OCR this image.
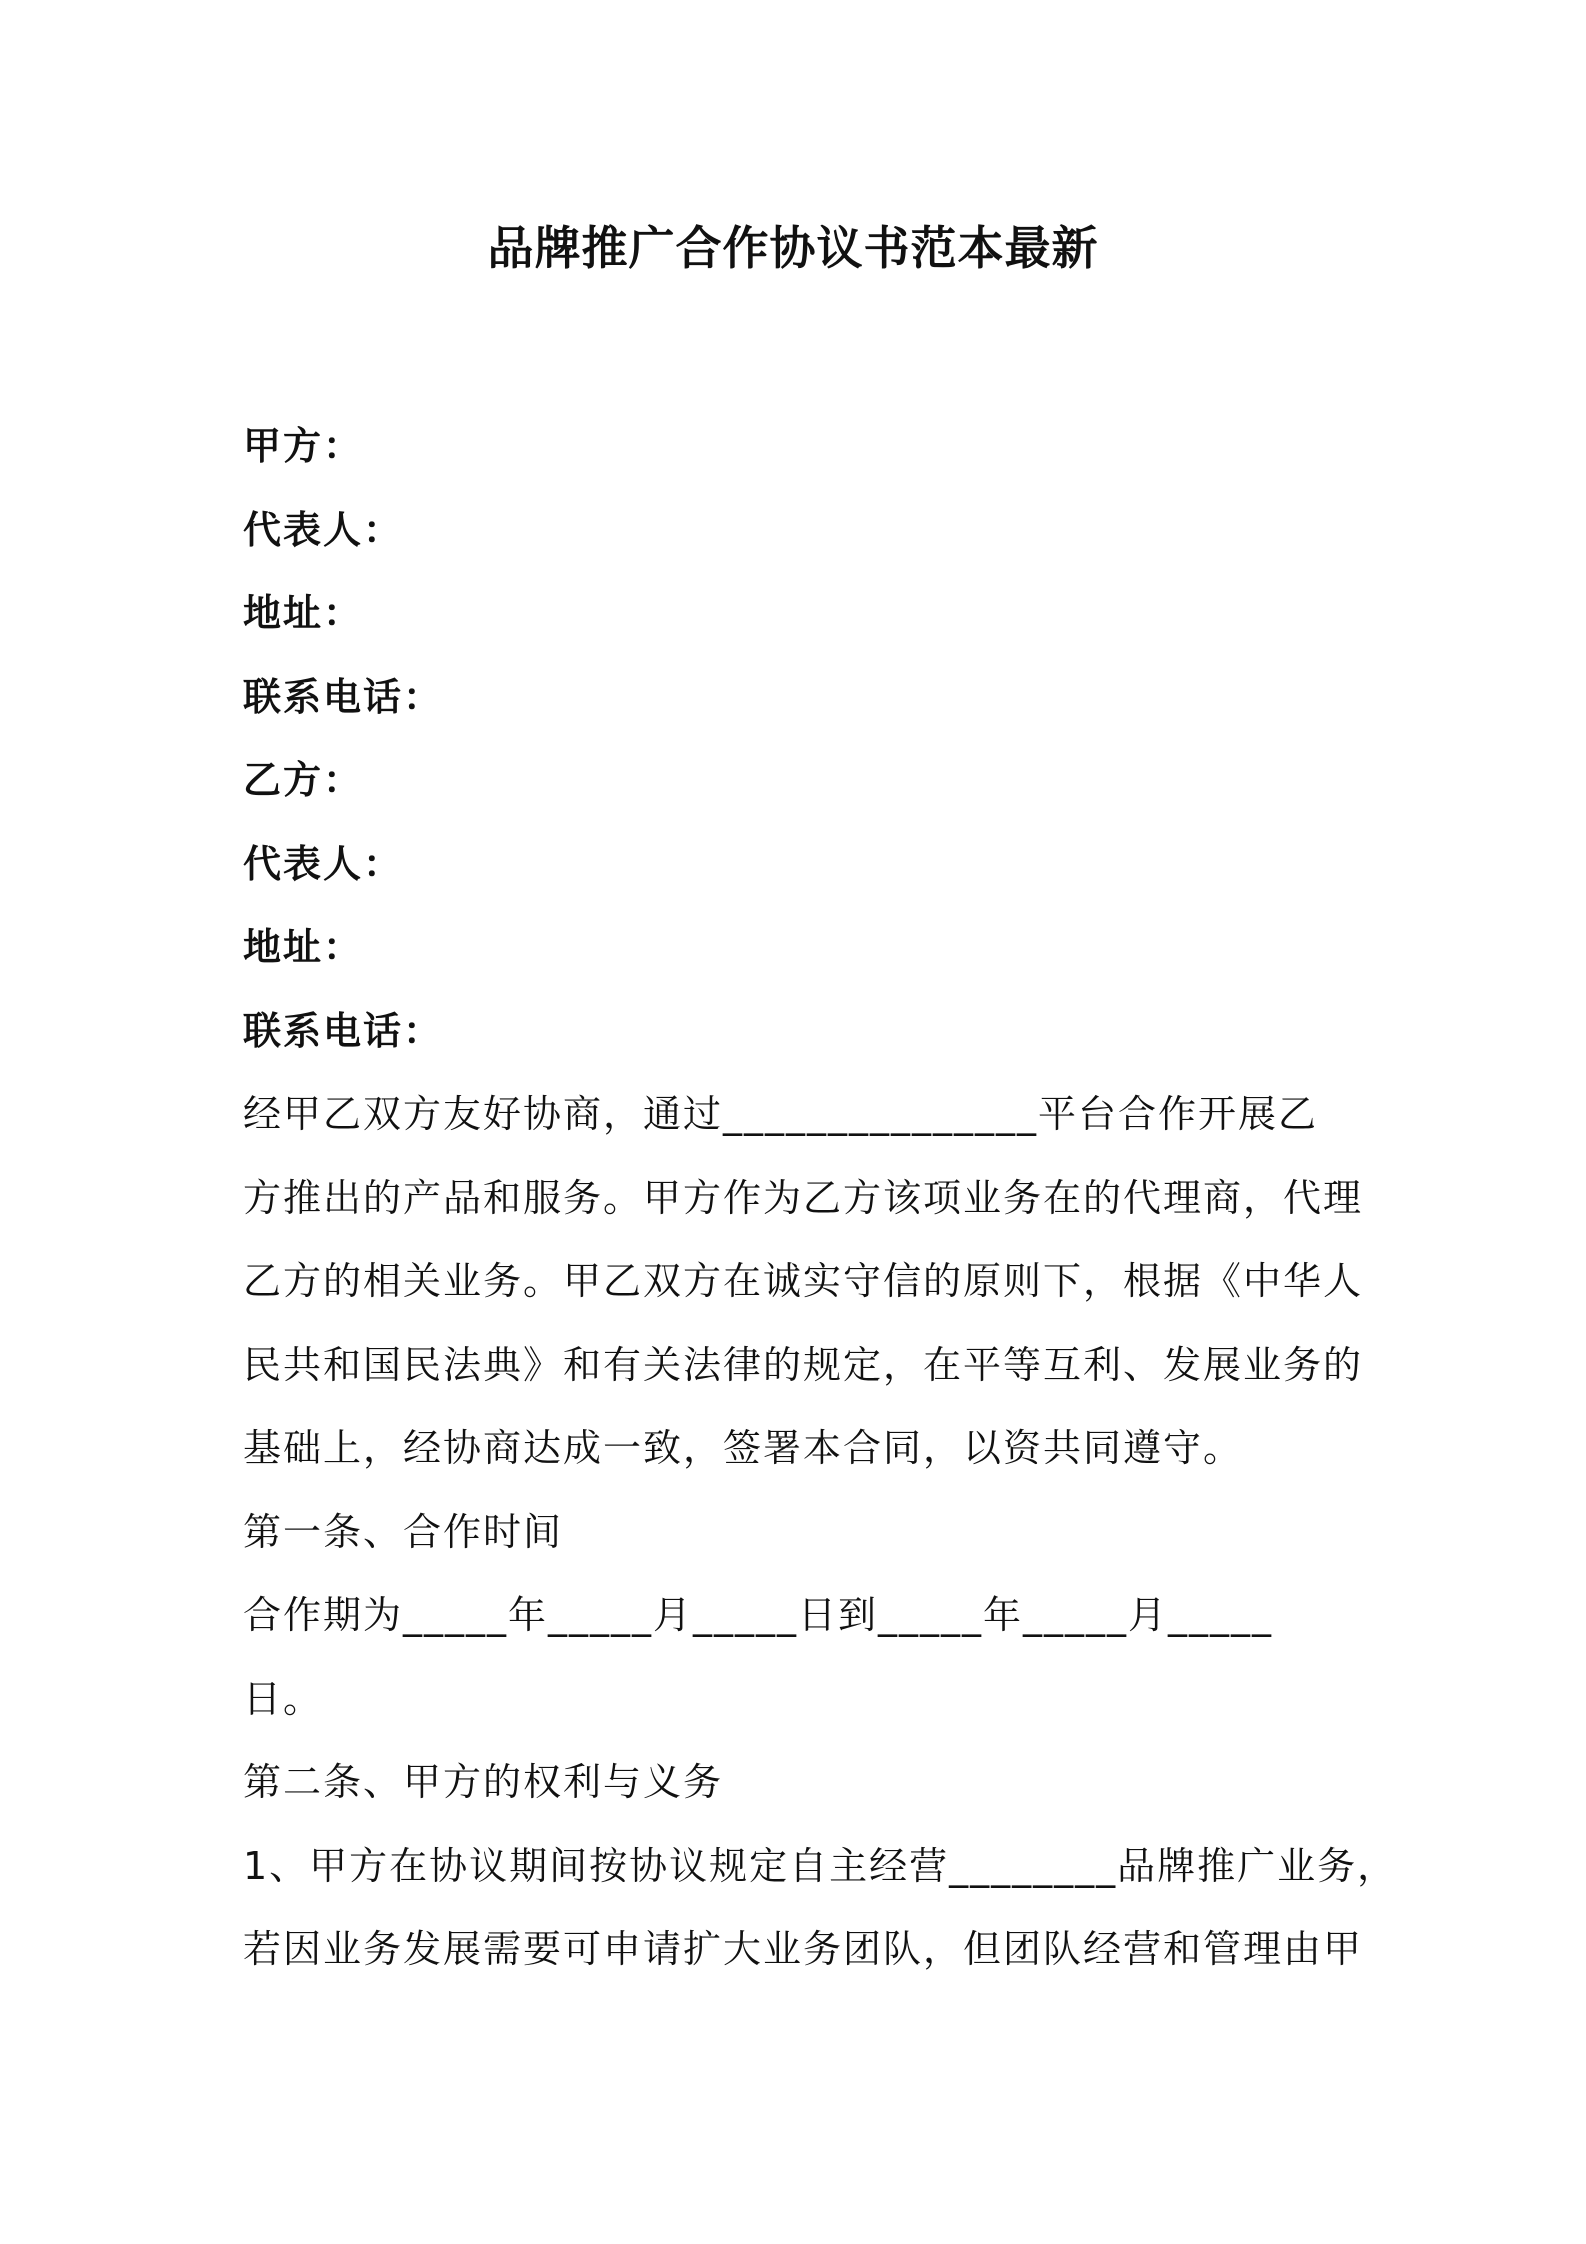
品牌推广合作协议书范本最新
甲方：
代表人：
地址：
联系电话：
乙方：
代表人：
地址：
联系电话：
经甲乙双方友好协商，通过_______________平台合作开展乙
方推出的产品和服务。甲方作为乙方该项业务在的代理商，代理
乙方的相关业务。甲乙双方在诚实守信的原则下，根据《中华人
民共和国民法典》和有关法律的规定，在平等互利、发展业务的
基础上，经协商达成一致，签署本合同，以资共同遵守。
第一条、合作时间
合作期为_____年_____月_____日到_____年_____月_____
日。
第二条、甲方的权利与义务
1、甲方在协议期间按协议规定自主经营________品牌推广业务，
若因业务发展需要可申请扩大业务团队，但团队经营和管理由甲
